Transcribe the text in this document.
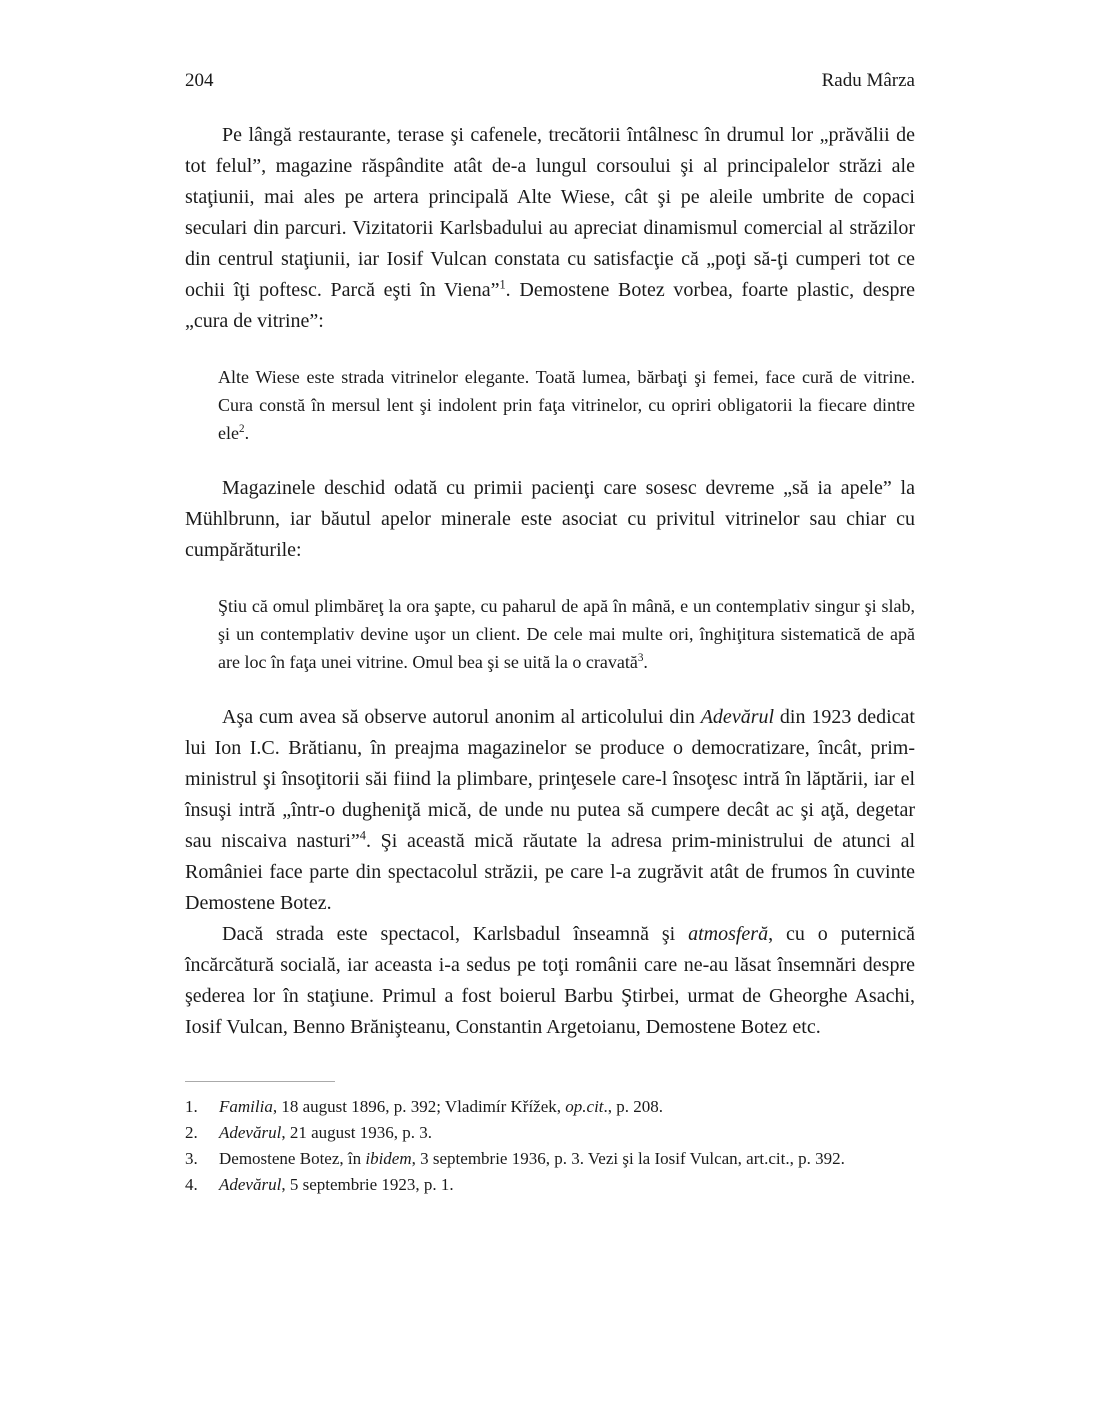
204	Radu Mârza

Pe lângă restaurante, terase şi cafenele, trecătorii întâlnesc în drumul lor „prăvălii de tot felul”, magazine răspândite atât de-a lungul corsoului şi al principalelor străzi ale staţiunii, mai ales pe artera principală Alte Wiese, cât şi pe aleile umbrite de copaci seculari din parcuri. Vizitatorii Karlsbadului au apreciat dinamismul comercial al străzilor din centrul staţiunii, iar Iosif Vulcan constata cu satisfacţie că „poţi să-ţi cumperi tot ce ochii îţi poftesc. Parcă eşti în Viena”$^1$. Demostene Botez vorbea, foarte plastic, despre „cura de vitrine”:

Alte Wiese este strada vitrinelor elegante. Toată lumea, bărbaţi şi femei, face cură de vitrine. Cura constă în mersul lent şi indolent prin faţa vitrinelor, cu opriri obligatorii la fiecare dintre ele$^2$.

Magazinele deschid odată cu primii pacienţi care sosesc devreme „să ia apele” la Mühlbrunn, iar băutul apelor minerale este asociat cu privitul vitrinelor sau chiar cu cumpărăturile:

Ştiu că omul plimbăreţ la ora şapte, cu paharul de apă în mână, e un contemplativ singur şi slab, şi un contemplativ devine uşor un client. De cele mai multe ori, înghiţitura sistematică de apă are loc în faţa unei vitrine. Omul bea şi se uită la o cravată$^3$.

Aşa cum avea să observe autorul anonim al articolului din Adevărul din 1923 dedicat lui Ion I.C. Brătianu, în preajma magazinelor se produce o democratizare, încât, prim-ministrul şi însoţitorii săi fiind la plimbare, prinţesele care-l însoţesc intră în lăptării, iar el însuşi intră „într-o dugheniţă mică, de unde nu putea să cumpere decât ac şi aţă, degetar sau niscaiva nasturi”$^4$. Şi această mică răutate la adresa prim-ministrului de atunci al României face parte din spectacolul străzii, pe care l-a zugrăvit atât de frumos în cuvinte Demostene Botez.

Dacă strada este spectacol, Karlsbadul înseamnă şi atmosferă, cu o puternică încărcătură socială, iar aceasta i-a sedus pe toţi românii care ne-au lăsat însemnări despre şederea lor în staţiune. Primul a fost boierul Barbu Ştirbei, urmat de Gheorghe Asachi, Iosif Vulcan, Benno Brănişteanu, Constantin Argetoianu, Demostene Botez etc.

1.	Familia, 18 august 1896, p. 392; Vladimír Křížek, op.cit., p. 208.
2.	Adevărul, 21 august 1936, p. 3.
3.	Demostene Botez, în ibidem, 3 septembrie 1936, p. 3. Vezi şi la Iosif Vulcan, art.cit., p. 392.
4.	Adevărul, 5 septembrie 1923, p. 1.
